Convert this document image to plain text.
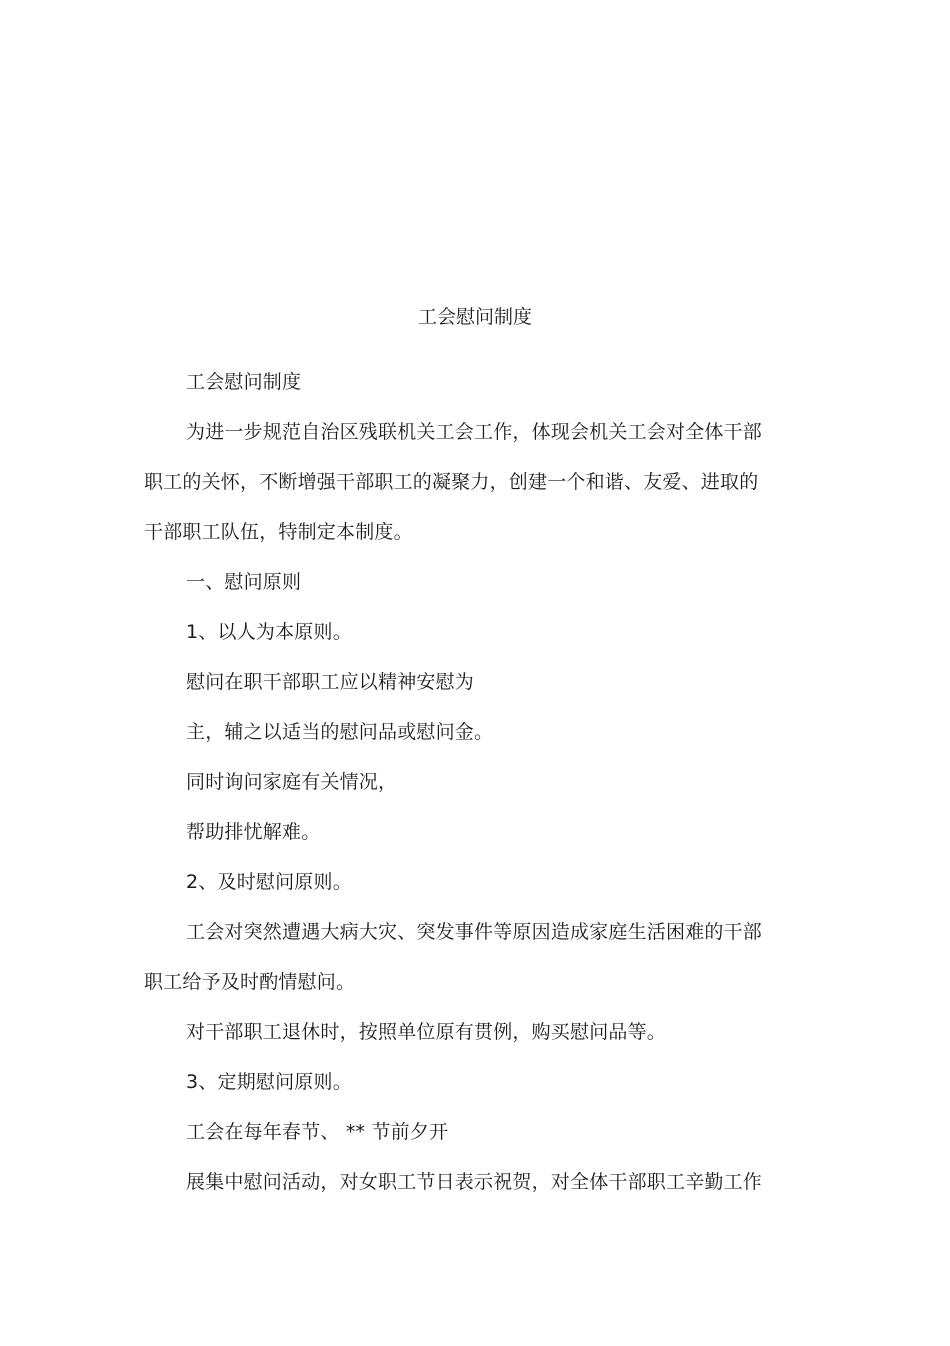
工会慰问制度
工会慰问制度
为进一步规范自治区残联机关工会工作，体现会机关工会对全体干部
职工的关怀，不断增强干部职工的凝聚力，创建一个和谐、友爱、进取的
干部职工队伍，特制定本制度。
一、慰问原则
1、以人为本原则。
慰问在职干部职工应以精神安慰为
主，辅之以适当的慰问品或慰问金。
同时询问家庭有关情况，
帮助排忧解难。
2、及时慰问原则。
工会对突然遭遇大病大灾、突发事件等原因造成家庭生活困难的干部
职工给予及时酌情慰问。
对干部职工退休时，按照单位原有贯例，购买慰问品等。
3、定期慰问原则。
工会在每年春节、 ** 节前夕开
展集中慰问活动，对女职工节日表示祝贺，对全体干部职工辛勤工作
